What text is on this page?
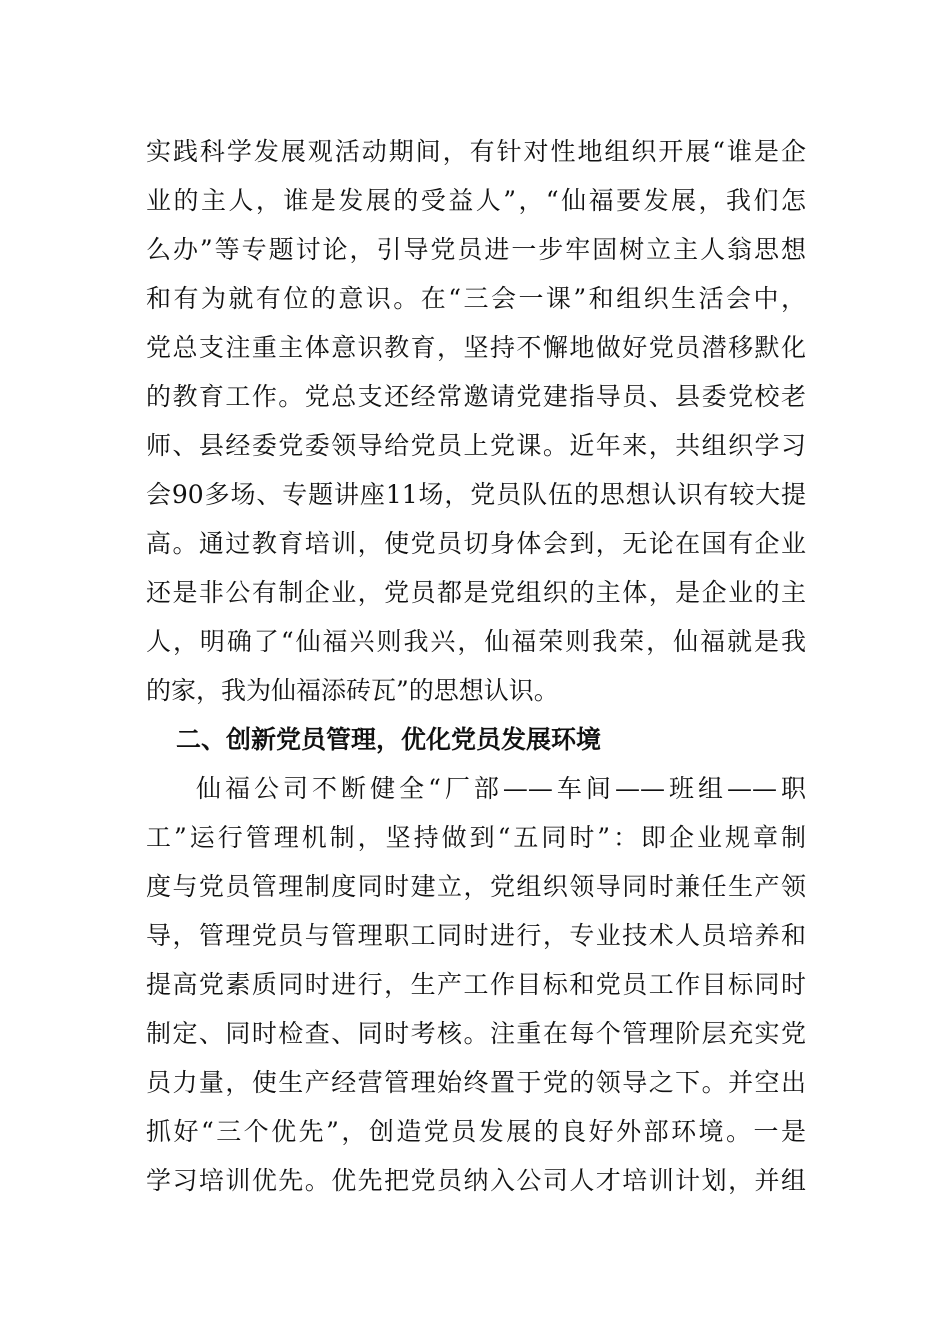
实践科学发展观活动期间，有针对性地组织开展“谁是企
业的主人，谁是发展的受益人”，“仙福要发展，我们怎
么办”等专题讨论，引导党员进一步牢固树立主人翁思想
和有为就有位的意识。在“三会一课”和组织生活会中，
党总支注重主体意识教育，坚持不懈地做好党员潜移默化
的教育工作。党总支还经常邀请党建指导员、县委党校老
师、县经委党委领导给党员上党课。近年来，共组织学习
会90多场、专题讲座11场，党员队伍的思想认识有较大提
高。通过教育培训，使党员切身体会到，无论在国有企业
还是非公有制企业，党员都是党组织的主体，是企业的主
人，明确了“仙福兴则我兴，仙福荣则我荣，仙福就是我
的家，我为仙福添砖瓦”的思想认识。
二、创新党员管理，优化党员发展环境
仙福公司不断健全“厂部——车间——班组——职
工”运行管理机制，坚持做到“五同时”：即企业规章制
度与党员管理制度同时建立，党组织领导同时兼任生产领
导，管理党员与管理职工同时进行，专业技术人员培养和
提高党素质同时进行，生产工作目标和党员工作目标同时
制定、同时检查、同时考核。注重在每个管理阶层充实党
员力量，使生产经营管理始终置于党的领导之下。并空出
抓好“三个优先”，创造党员发展的良好外部环境。一是
学习培训优先。优先把党员纳入公司人才培训计划，并组
